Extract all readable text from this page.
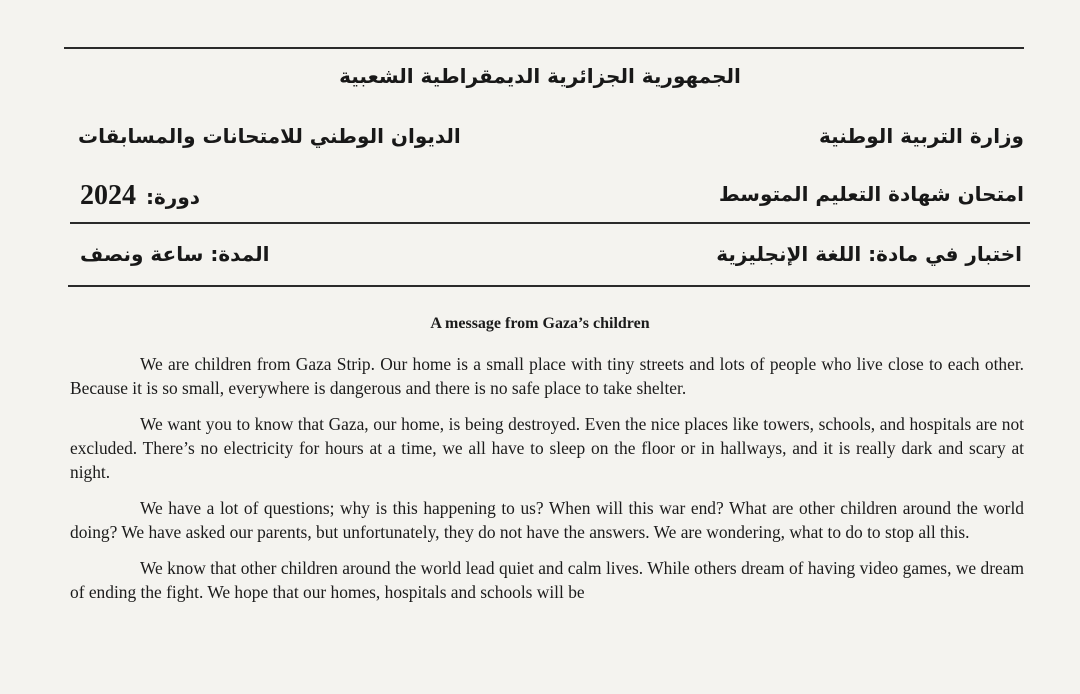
الجمهورية الجزائرية الديمقراطية الشعبية
وزارة التربية الوطنية
الديوان الوطني للامتحانات والمسابقات
امتحان شهادة التعليم المتوسط
دورة:2024
اختبار في مادة: اللغة الإنجليزية
المدة: ساعة ونصف
A message from Gaza’s children

We are children from Gaza Strip. Our home is a small place with tiny streets and lots of people who live close to each other. Because it is so small, everywhere is dangerous and there is no safe place to take shelter.

We want you to know that Gaza, our home, is being destroyed. Even the nice places like towers, schools, and hospitals are not excluded. There’s no electricity for hours at a time, we all have to sleep on the floor or in hallways, and it is really dark and scary at night.

We have a lot of questions; why is this happening to us? When will this war end? What are other children around the world doing? We have asked our parents, but unfortunately, they do not have the answers. We are wondering, what to do to stop all this.

We know that other children around the world lead quiet and calm lives. While others dream of having video games, we dream of ending the fight. We hope that our homes, hospitals and schools will be
